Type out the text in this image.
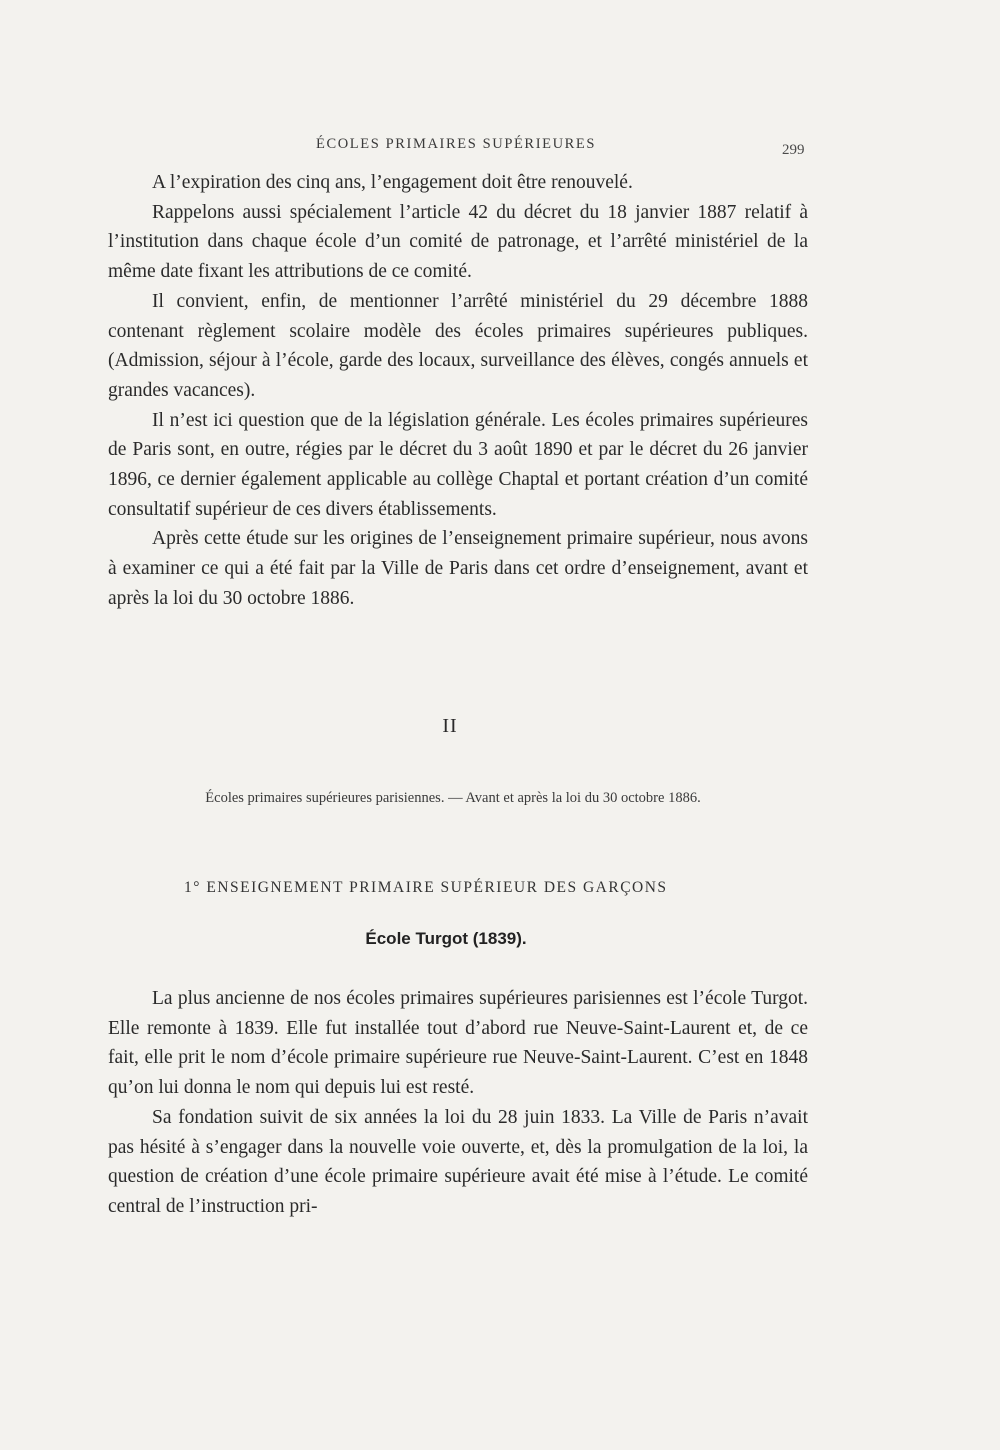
ÉCOLES PRIMAIRES SUPÉRIEURES	299

A l’expiration des cinq ans, l’engagement doit être renouvelé.

Rappelons aussi spécialement l’article 42 du décret du 18 janvier 1887 relatif à l’institution dans chaque école d’un comité de patronage, et l’arrêté ministériel de la même date fixant les attributions de ce comité.

Il convient, enfin, de mentionner l’arrêté ministériel du 29 décembre 1888 contenant règlement scolaire modèle des écoles primaires supérieures publiques. (Admission, séjour à l’école, garde des locaux, surveillance des élèves, congés annuels et grandes vacances).

Il n’est ici question que de la législation générale. Les écoles primaires supérieures de Paris sont, en outre, régies par le décret du 3 août 1890 et par le décret du 26 janvier 1896, ce dernier également applicable au collège Chaptal et portant création d’un comité consultatif supérieur de ces divers établissements.

Après cette étude sur les origines de l’enseignement primaire supérieur, nous avons à examiner ce qui a été fait par la Ville de Paris dans cet ordre d’enseignement, avant et après la loi du 30 octobre 1886.

II
Écoles primaires supérieures parisiennes. — Avant et après la loi du 30 octobre 1886.
1° ENSEIGNEMENT PRIMAIRE SUPÉRIEUR DES GARÇONS
École Turgot (1839).

La plus ancienne de nos écoles primaires supérieures parisiennes est l’école Turgot. Elle remonte à 1839. Elle fut installée tout d’abord rue Neuve-Saint-Laurent et, de ce fait, elle prit le nom d’école primaire supérieure rue Neuve-Saint-Laurent. C’est en 1848 qu’on lui donna le nom qui depuis lui est resté.

Sa fondation suivit de six années la loi du 28 juin 1833. La Ville de Paris n’avait pas hésité à s’engager dans la nouvelle voie ouverte, et, dès la promulgation de la loi, la question de création d’une école primaire supérieure avait été mise à l’étude. Le comité central de l’instruction pri-
